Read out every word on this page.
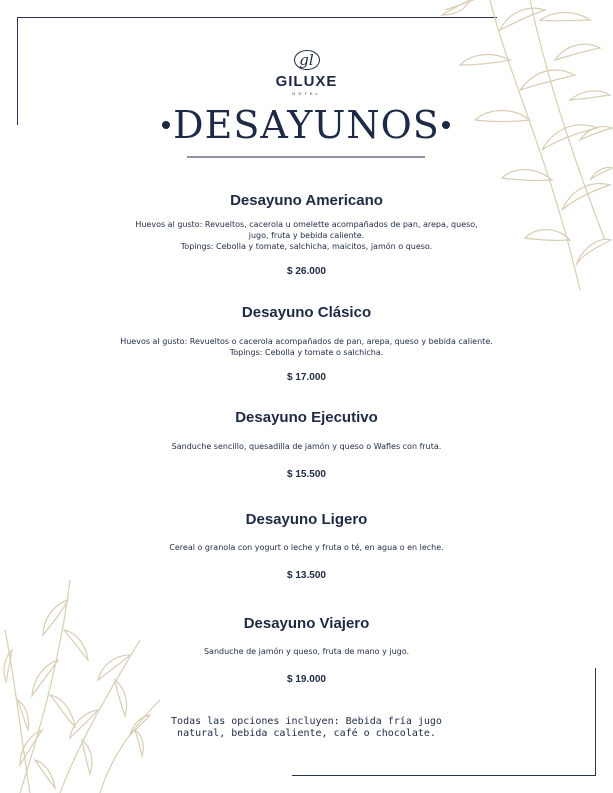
gl
GILUXE
HOTEL
DESAYUNOS
Desayuno Americano
Huevos al gusto: Revueltos, cacerola u omelette acompañados de pan, arepa, queso,
jugo, fruta y bebida caliente.
Topings: Cebolla y tomate, salchicha, maicitos, jamón o queso.
$ 26.000
Desayuno Clásico
Huevos al gusto: Revueltos o cacerola acompañados de pan, arepa, queso y bebida caliente.
Topings: Cebolla y tomate o salchicha.
$ 17.000
Desayuno Ejecutivo
Sanduche sencillo, quesadilla de jamón y queso o Wafles con fruta.
$ 15.500
Desayuno Ligero
Cereal o granola con yogurt o leche y fruta o té, en agua o en leche.
$ 13.500
Desayuno Viajero
Sanduche de jamón y queso, fruta de mano y jugo.
$ 19.000
Todas las opciones incluyen: Bebida fría jugo
natural, bebida caliente, café o chocolate.
